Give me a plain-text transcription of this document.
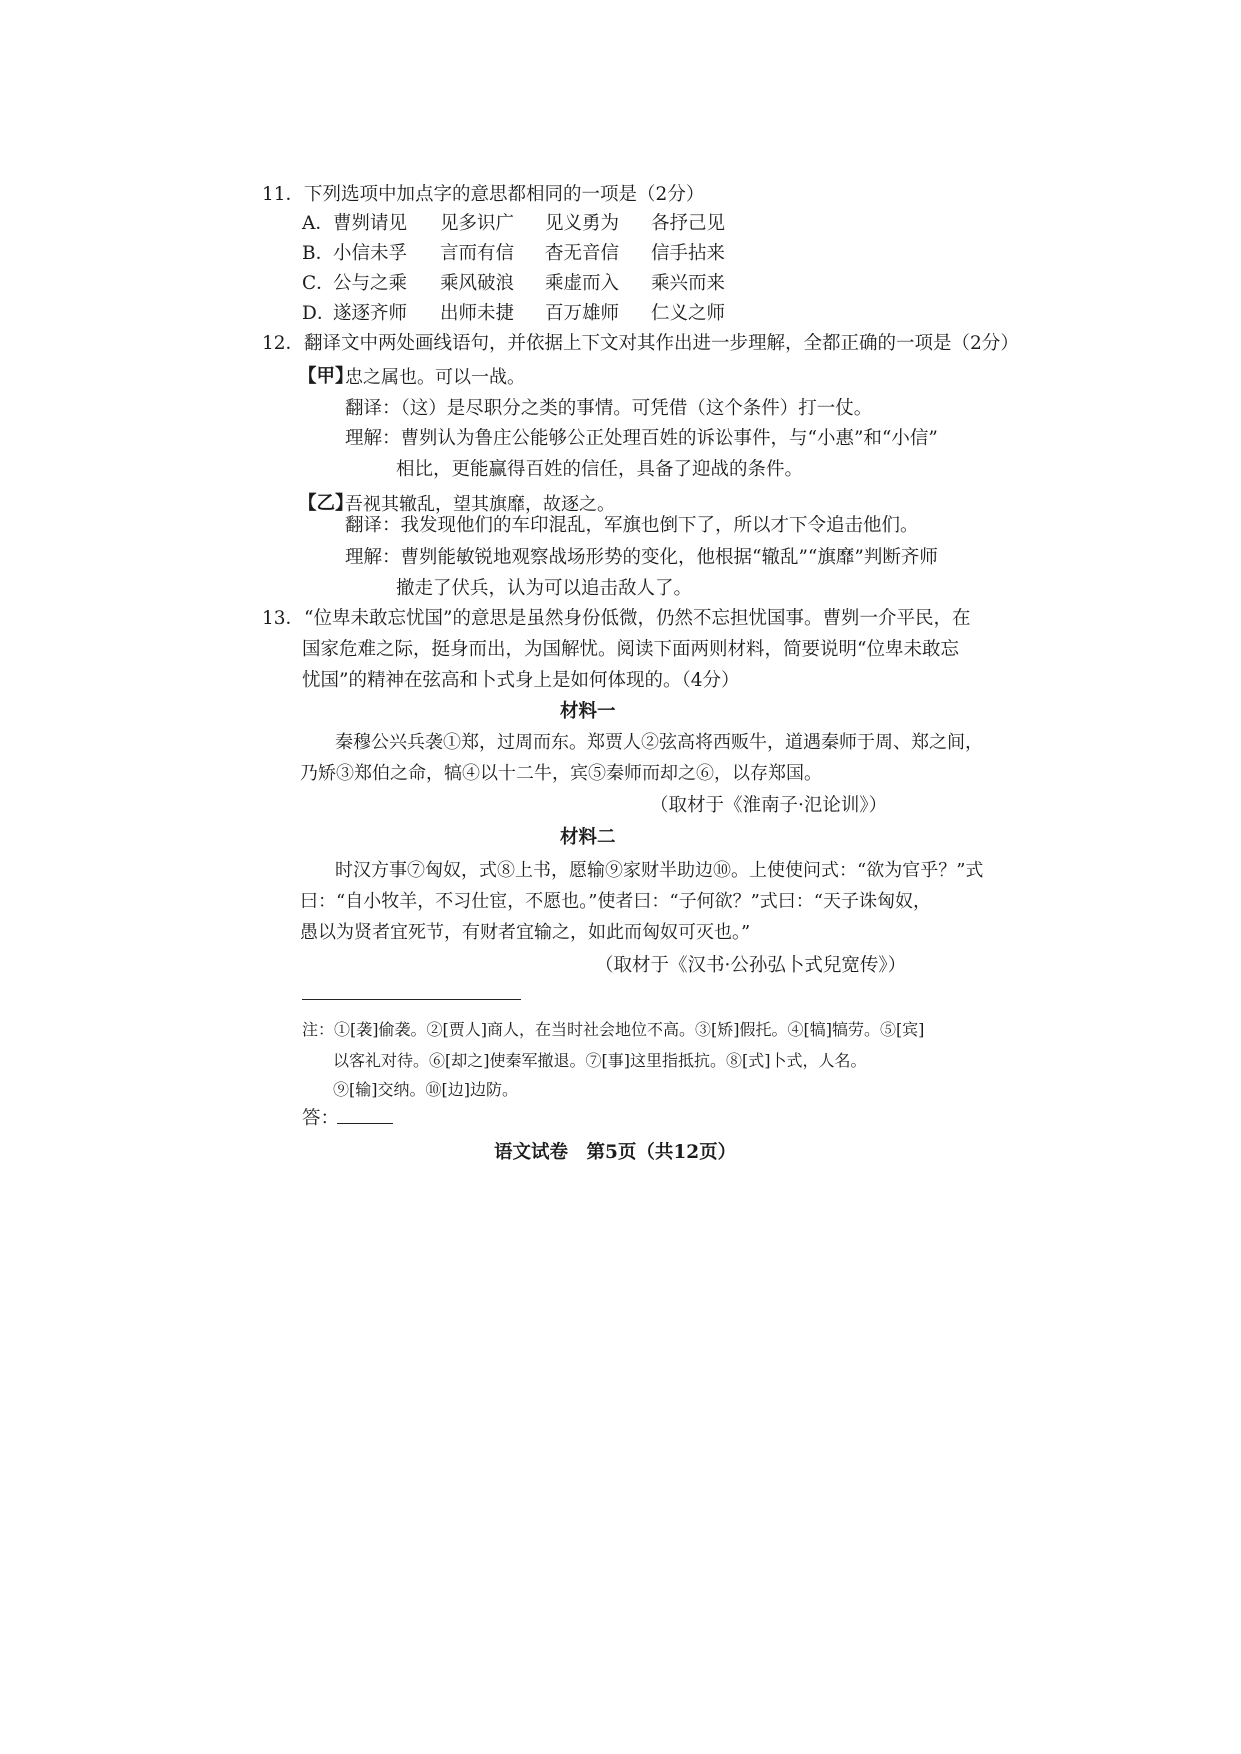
11．下列选项中加点字的意思都相同的一项是（2分）
A． 曹刿请见 见多识广 见义勇为 各抒己见
B．
小信未孚 言而有信 杳无音信 信手拈来
C．
公与之乘 乘风破浪 乘虚而入 乘兴而来
D．
遂逐齐师 出师未捷 百万雄师 仁义之师
12．翻译文中两处画线语句，并依据上下文对其作出进一步理解，全都正确的一项是（2分）
【甲】
忠之属也。可以一战。
翻译：（这）是尽职分之类的事情。可凭借（这个条件）打一仗。
理解：曹刿认为鲁庄公能够公正处理百姓的诉讼事件，与“小惠”和“小信”
相比，更能赢得百姓的信任，具备了迎战的条件。
【乙】
吾视其辙乱，望其旗靡，故逐之。
翻译：我发现他们的车印混乱，军旗也倒下了，所以才下令追击他们。
理解：曹刿能敏锐地观察战场形势的变化，他根据“辙乱”“旗靡”判断齐师
撤走了伏兵，认为可以追击敌人了。
13．“位卑未敢忘忧国”的意思是虽然身份低微，仍然不忘担忧国事。曹刿一介平民，在
国家危难之际，挺身而出，为国解忧。阅读下面两则材料，简要说明“位卑未敢忘
忧国”的精神在弦高和卜式身上是如何体现的。（4分）
材料一
秦穆公兴兵袭①郑，过周而东。郑贾人②弦高将西贩牛，道遇秦师于周、郑之间，
乃矫③郑伯之命，犒④以十二牛，宾⑤秦师而却之⑥，以存郑国。
（取材于《淮南子·氾论训》）
材料二
时汉方事⑦匈奴，式⑧上书，愿输⑨家财半助边⑩。上使使问式：“欲为官乎？”式
曰：“自小牧羊，不习仕宦，不愿也。”使者曰：“子何欲？”式曰：“天子诛匈奴，
愚以为贤者宜死节，有财者宜输之，如此而匈奴可灭也。”
（取材于《汉书·公孙弘卜式兒宽传》）
注：①[袭]偷袭。②[贾人]商人，在当时社会地位不高。③[矫]假托。④[犒]犒劳。⑤[宾]
以客礼对待。⑥[却之]使秦军撤退。⑦[事]这里指抵抗。⑧[式]卜式，人名。
⑨[输]交纳。⑩[边]边防。
答：
语文试卷　第5页（共12页）
